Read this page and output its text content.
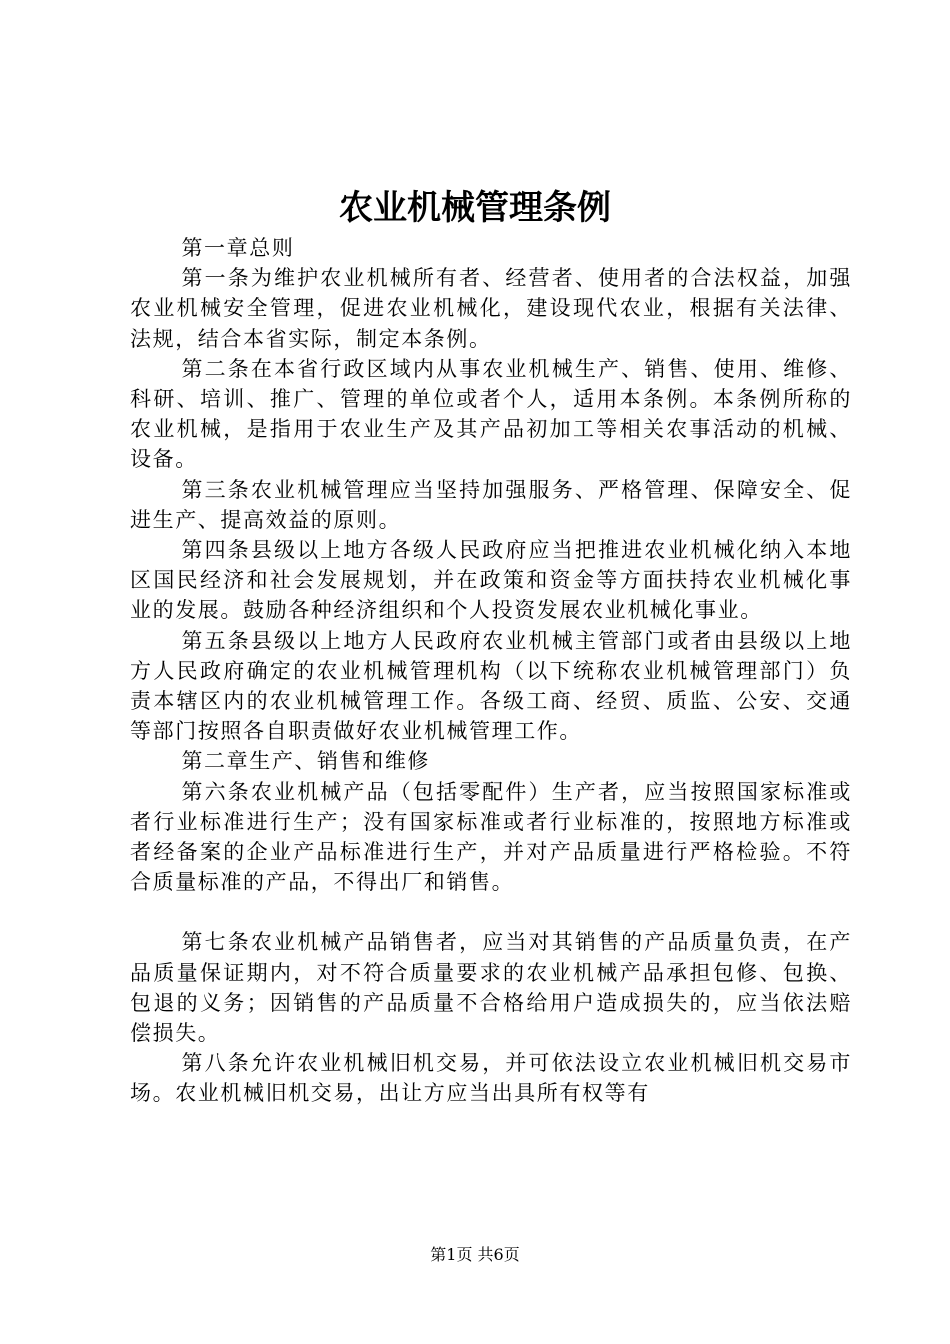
农业机械管理条例

第一章总则

第一条为维护农业机械所有者、经营者、使用者的合法权益，加强农业机械安全管理，促进农业机械化，建设现代农业，根据有关法律、法规，结合本省实际，制定本条例。

第二条在本省行政区域内从事农业机械生产、销售、使用、维修、科研、培训、推广、管理的单位或者个人，适用本条例。本条例所称的农业机械，是指用于农业生产及其产品初加工等相关农事活动的机械、设备。

第三条农业机械管理应当坚持加强服务、严格管理、保障安全、促进生产、提高效益的原则。

第四条县级以上地方各级人民政府应当把推进农业机械化纳入本地区国民经济和社会发展规划，并在政策和资金等方面扶持农业机械化事业的发展。鼓励各种经济组织和个人投资发展农业机械化事业。

第五条县级以上地方人民政府农业机械主管部门或者由县级以上地方人民政府确定的农业机械管理机构（以下统称农业机械管理部门）负责本辖区内的农业机械管理工作。各级工商、经贸、质监、公安、交通等部门按照各自职责做好农业机械管理工作。

第二章生产、销售和维修

第六条农业机械产品（包括零配件）生产者，应当按照国家标准或者行业标准进行生产；没有国家标准或者行业标准的，按照地方标准或者经备案的企业产品标准进行生产，并对产品质量进行严格检验。不符合质量标准的产品，不得出厂和销售。

第七条农业机械产品销售者，应当对其销售的产品质量负责，在产品质量保证期内，对不符合质量要求的农业机械产品承担包修、包换、包退的义务；因销售的产品质量不合格给用户造成损失的，应当依法赔偿损失。

第八条允许农业机械旧机交易，并可依法设立农业机械旧机交易市场。农业机械旧机交易，出让方应当出具所有权等有

第1页 共6页
